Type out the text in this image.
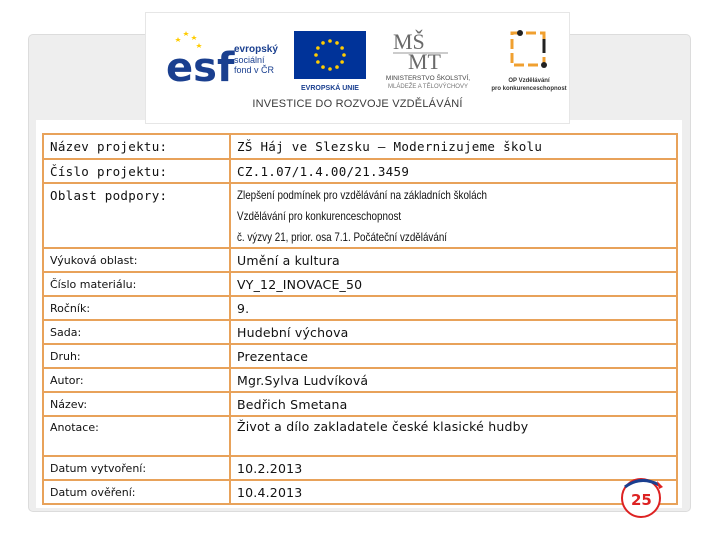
esf evropský
sociální
fond v ČR
EVROPSKÁ UNIE
MŠ
MT
MINISTERSTVO ŠKOLSTVÍ,
MLÁDEŽE A TĚLOVÝCHOVY
OP Vzdělávání
pro konkurenceschopnost
INVESTICE DO ROZVOJE VZDĚLÁVÁNÍ
Název projektu:	ZŠ Háj ve Slezsku – Modernizujeme školu
Číslo projektu:	CZ.1.07/1.4.00/21.3459
Oblast podpory:	Zlepšení podmínek pro vzdělávání na základních školách
Vzdělávání pro konkurenceschopnost
č. výzvy 21, prior. osa 7.1. Počáteční vzdělávání

Výuková oblast:	Umění a kultura
Číslo materiálu:	VY_12_INOVACE_50
Ročník:	9.
Sada:	Hudební výchova
Druh:	Prezentace
Autor:	Mgr.Sylva Ludvíková
Název:	Bedřich Smetana
Anotace:	Život a dílo zakladatele české klasické hudby
Datum vytvoření:	10.2.2013
Datum ověření:	10.4.2013	25
